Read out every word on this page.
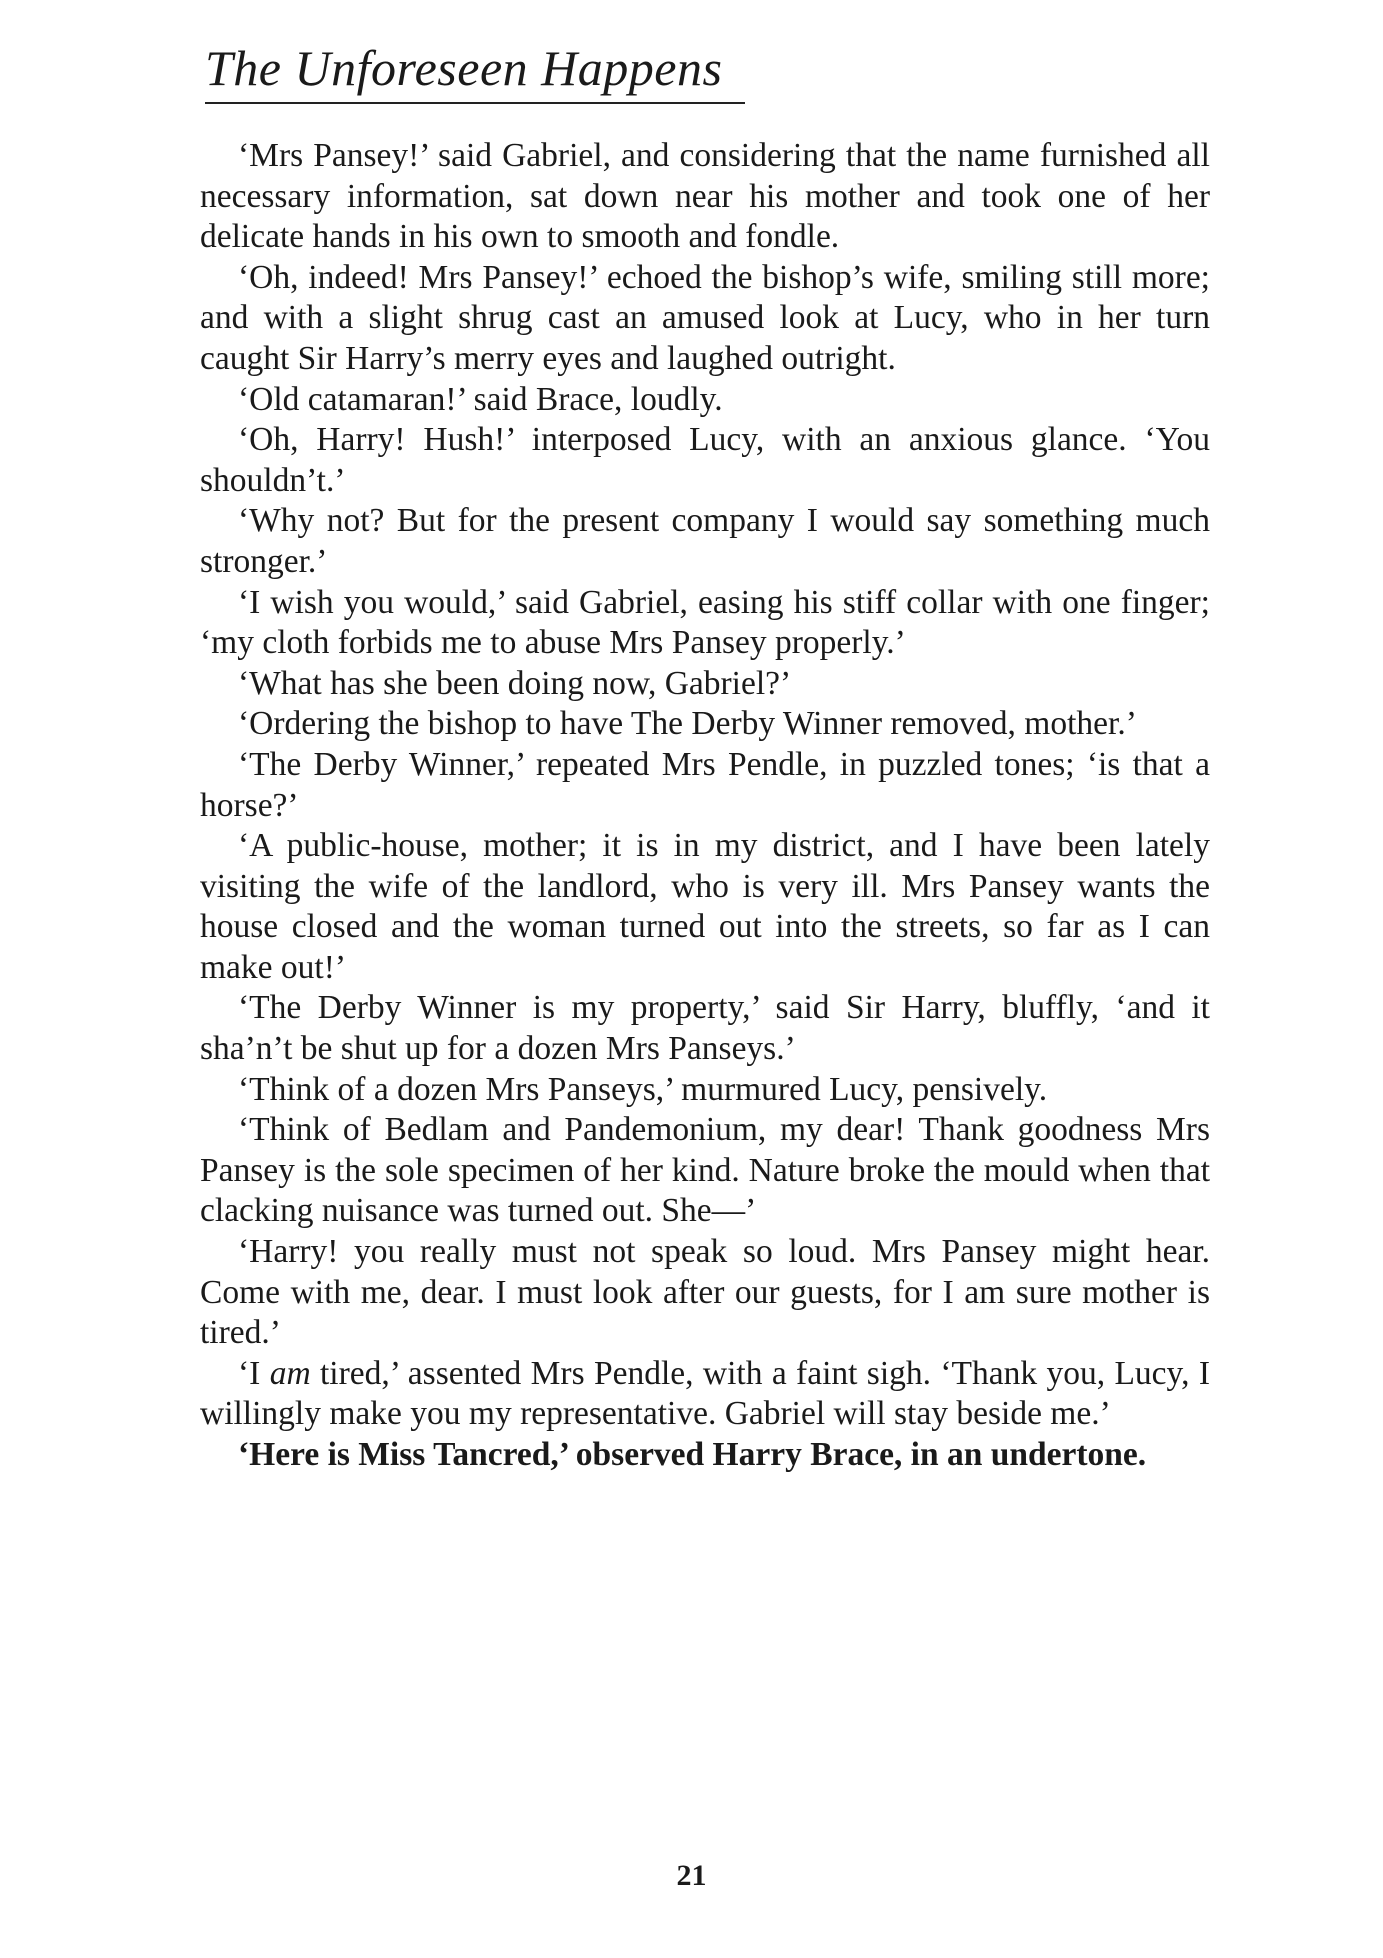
The Unforeseen Happens

‘Mrs Pansey!’ said Gabriel, and considering that the name furnished all necessary information, sat down near his mother and took one of her delicate hands in his own to smooth and fondle.

‘Oh, indeed! Mrs Pansey!’ echoed the bishop’s wife, smiling still more; and with a slight shrug cast an amused look at Lucy, who in her turn caught Sir Harry’s merry eyes and laughed outright.

‘Old catamaran!’ said Brace, loudly.

‘Oh, Harry! Hush!’ interposed Lucy, with an anxious glance. ‘You shouldn’t.’

‘Why not? But for the present company I would say something much stronger.’

‘I wish you would,’ said Gabriel, easing his stiff collar with one finger; ‘my cloth forbids me to abuse Mrs Pansey properly.’

‘What has she been doing now, Gabriel?’

‘Ordering the bishop to have The Derby Winner removed, mother.’

‘The Derby Winner,’ repeated Mrs Pendle, in puzzled tones; ‘is that a horse?’

‘A public-house, mother; it is in my district, and I have been lately visiting the wife of the landlord, who is very ill. Mrs Pansey wants the house closed and the woman turned out into the streets, so far as I can make out!’

‘The Derby Winner is my property,’ said Sir Harry, bluffly, ‘and it sha’n’t be shut up for a dozen Mrs Panseys.’

‘Think of a dozen Mrs Panseys,’ murmured Lucy, pensively.

‘Think of Bedlam and Pandemonium, my dear! Thank goodness Mrs Pansey is the sole specimen of her kind. Nature broke the mould when that clacking nuisance was turned out. She—’

‘Harry! you really must not speak so loud. Mrs Pansey might hear. Come with me, dear. I must look after our guests, for I am sure mother is tired.’

‘I am tired,’ assented Mrs Pendle, with a faint sigh. ‘Thank you, Lucy, I willingly make you my representative. Gabriel will stay beside me.’

‘Here is Miss Tancred,’ observed Harry Brace, in an undertone.

21
